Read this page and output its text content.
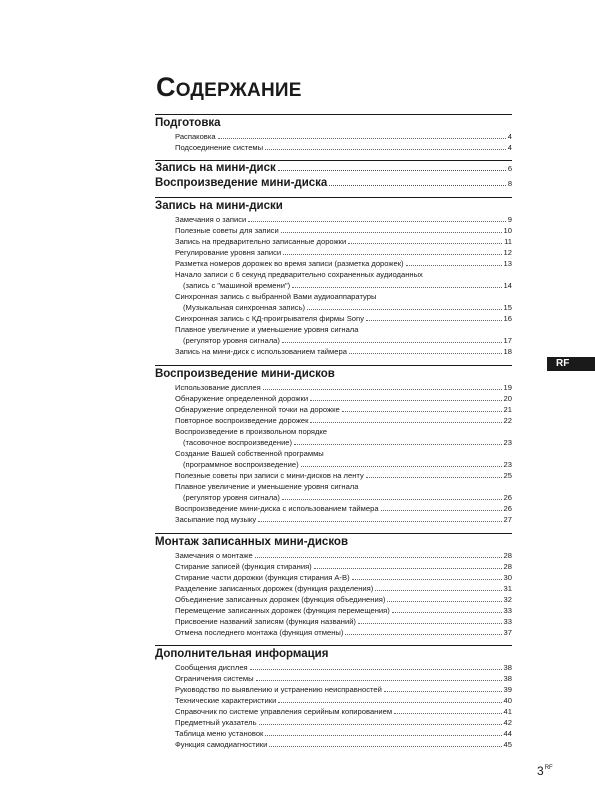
СОДЕРЖАНИЕ
Подготовка
Распаковка	4
Подсоединение системы	4
Запись на мини-диск	6
Воспроизведение мини-диска	8
Запись на мини-диски
Замечания о записи	9
Полезные советы для записи	10
Запись на предварительно записанные дорожки	11
Регулирование уровня записи	12
Разметка номеров дорожек во время записи (разметка дорожек)	13
Начало записи с 6 секунд предварительно сохраненных аудиоданных
(запись с "машиной времени")	14
Синхронная запись с выбранной Вами аудиоаппаратуры
(Музыкальная синхронная запись)	15
Синхронная запись с КД-проигрывателя фирмы Sony	16
Плавное увеличение и уменьшение уровня сигнала
(регулятор уровня сигнала)	17
Запись на мини-диск с использованием таймера	18
Воспроизведение мини-дисков
Использование дисплея	19
Обнаружение определенной дорожки	20
Обнаружение определенной точки на дорожке	21
Повторное воспроизведение дорожек	22
Воспроизведение в произвольном порядке
(тасовочное воспроизведение)	23
Создание Вашей собственной программы
(программное воспроизведение)	23
Полезные советы при записи с мини-дисков на ленту	25
Плавное увеличение и уменьшение уровня сигнала
(регулятор уровня сигнала)	26
Воспроизведение мини-диска с использованием таймера	26
Засыпание под музыку	27
Монтаж записанных мини-дисков
Замечания о монтаже	28
Стирание записей (функция стирания)	28
Стирание части дорожки (функция стирания А-В)	30
Разделение записанных дорожек (функция разделения)	31
Объединение записанных дорожек (функция объединения)	32
Перемещение записанных дорожек (функция перемещения)	33
Присвоение названий записям (функция названий)	33
Отмена последнего монтажа (функция отмены)	37
Дополнительная информация
Сообщения дисплея	38
Ограничения системы	38
Руководство по выявлению и устранению неисправностей	39
Технические характеристики	40
Справочник по системе управления серийным копированием	41
Предметный указатель	42
Таблица меню установок	44
Функция самодиагностики	45
RF
$3^{RF}$
